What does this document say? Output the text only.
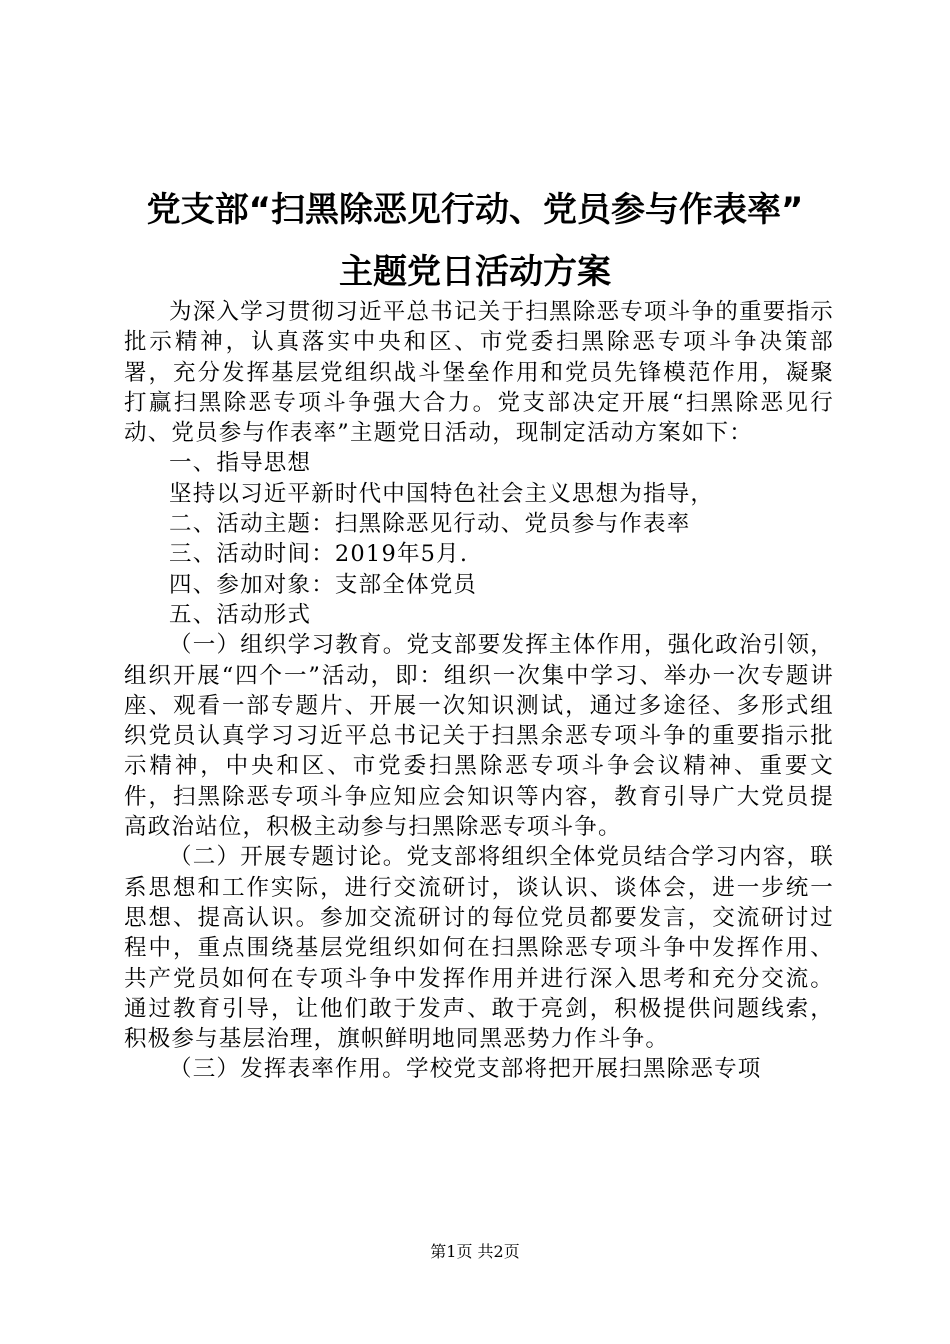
党支部“扫黑除恶见行动、党员参与作表率”
主题党日活动方案

为深入学习贯彻习近平总书记关于扫黑除恶专项斗争的重要指示批示精神，认真落实中央和区、市党委扫黑除恶专项斗争决策部署，充分发挥基层党组织战斗堡垒作用和党员先锋模范作用，凝聚打赢扫黑除恶专项斗争强大合力。党支部决定开展“扫黑除恶见行动、党员参与作表率”主题党日活动，现制定活动方案如下：

一、指导思想

坚持以习近平新时代中国特色社会主义思想为指导，

二、活动主题：扫黑除恶见行动、党员参与作表率

三、活动时间：2019年5月.

四、参加对象：支部全体党员

五、活动形式

（一）组织学习教育。党支部要发挥主体作用，强化政治引领，组织开展“四个一”活动，即：组织一次集中学习、举办一次专题讲座、观看一部专题片、开展一次知识测试，通过多途径、多形式组织党员认真学习习近平总书记关于扫黑余恶专项斗争的重要指示批示精神，中央和区、市党委扫黑除恶专项斗争会议精神、重要文件，扫黑除恶专项斗争应知应会知识等内容，教育引导广大党员提高政治站位，积极主动参与扫黑除恶专项斗争。

（二）开展专题讨论。党支部将组织全体党员结合学习内容，联系思想和工作实际，进行交流研讨，谈认识、谈体会，进一步统一思想、提高认识。参加交流研讨的每位党员都要发言，交流研讨过程中，重点围绕基层党组织如何在扫黑除恶专项斗争中发挥作用、共产党员如何在专项斗争中发挥作用并进行深入思考和充分交流。通过教育引导，让他们敢于发声、敢于亮剑，积极提供问题线索，积极参与基层治理，旗帜鲜明地同黑恶势力作斗争。

（三）发挥表率作用。学校党支部将把开展扫黑除恶专项

第1页 共2页
